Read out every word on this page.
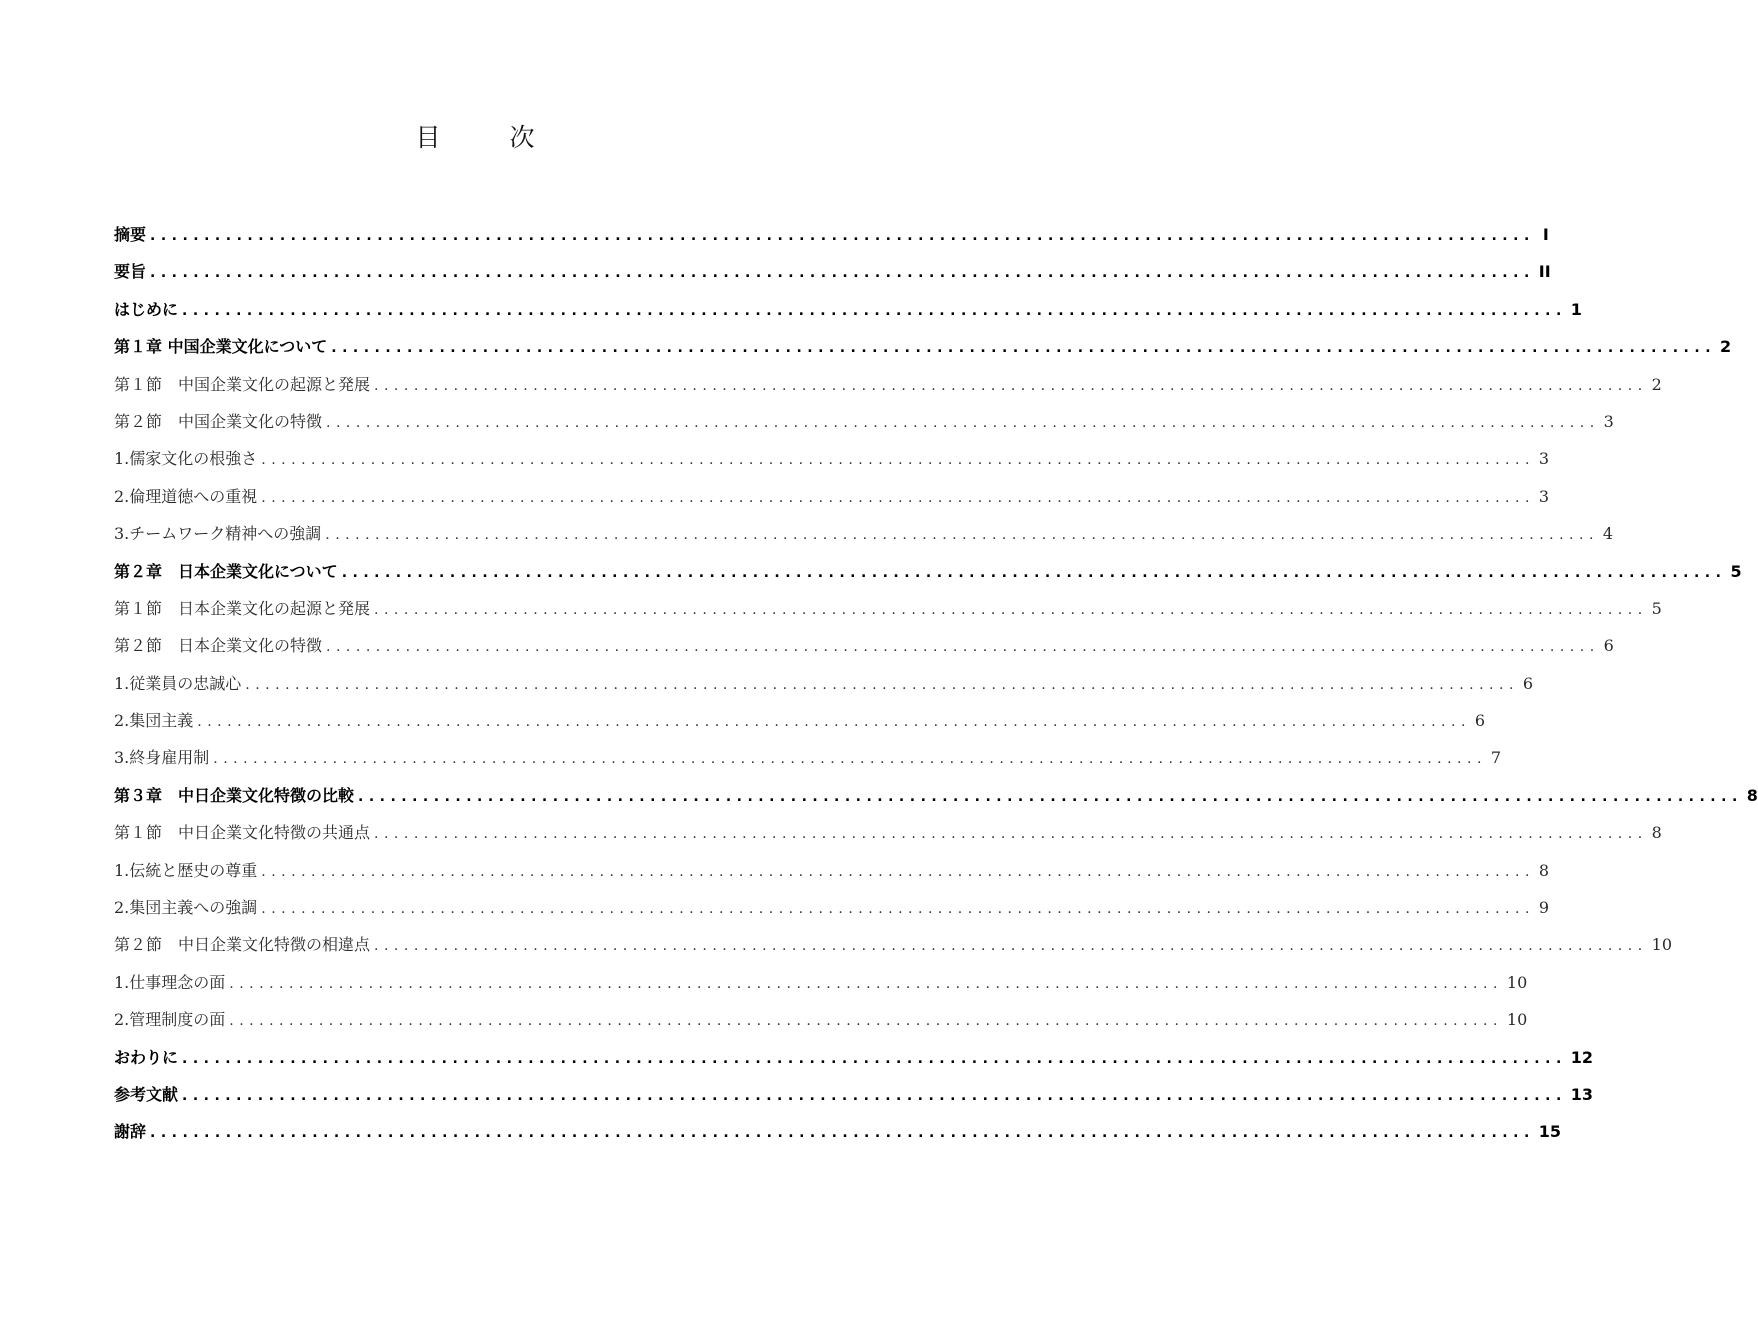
目　次
摘要 ................................................................................................................................ I
要旨 ................................................................................................................................ II
はじめに ................................................................................................................................ 1
第１章 中国企業文化について ................................................................................................................................ 2
第１節　中国企業文化の起源と発展 ................................................................................................................................ 2
第２節　中国企業文化の特徴 ................................................................................................................................ 3
1.儒家文化の根強さ ................................................................................................................................ 3
2.倫理道徳への重視 ................................................................................................................................ 3
3.チームワーク精神への強調 ................................................................................................................................ 4
第２章　日本企業文化について ................................................................................................................................ 5
第１節　日本企業文化の起源と発展 ................................................................................................................................ 5
第２節　日本企業文化の特徴 ................................................................................................................................ 6
1.従業員の忠誠心 ................................................................................................................................ 6
2.集団主義 ................................................................................................................................ 6
3.終身雇用制 ................................................................................................................................ 7
第３章　中日企業文化特徴の比較 ................................................................................................................................ 8
第１節　中日企業文化特徴の共通点 ................................................................................................................................ 8
1.伝統と歴史の尊重 ................................................................................................................................ 8
2.集団主義への強調 ................................................................................................................................ 9
第２節　中日企業文化特徴の相違点 ................................................................................................................................ 10
1.仕事理念の面 ................................................................................................................................ 10
2.管理制度の面 ................................................................................................................................ 10
おわりに ................................................................................................................................ 12
参考文献 ................................................................................................................................ 13
謝辞 ................................................................................................................................ 15
